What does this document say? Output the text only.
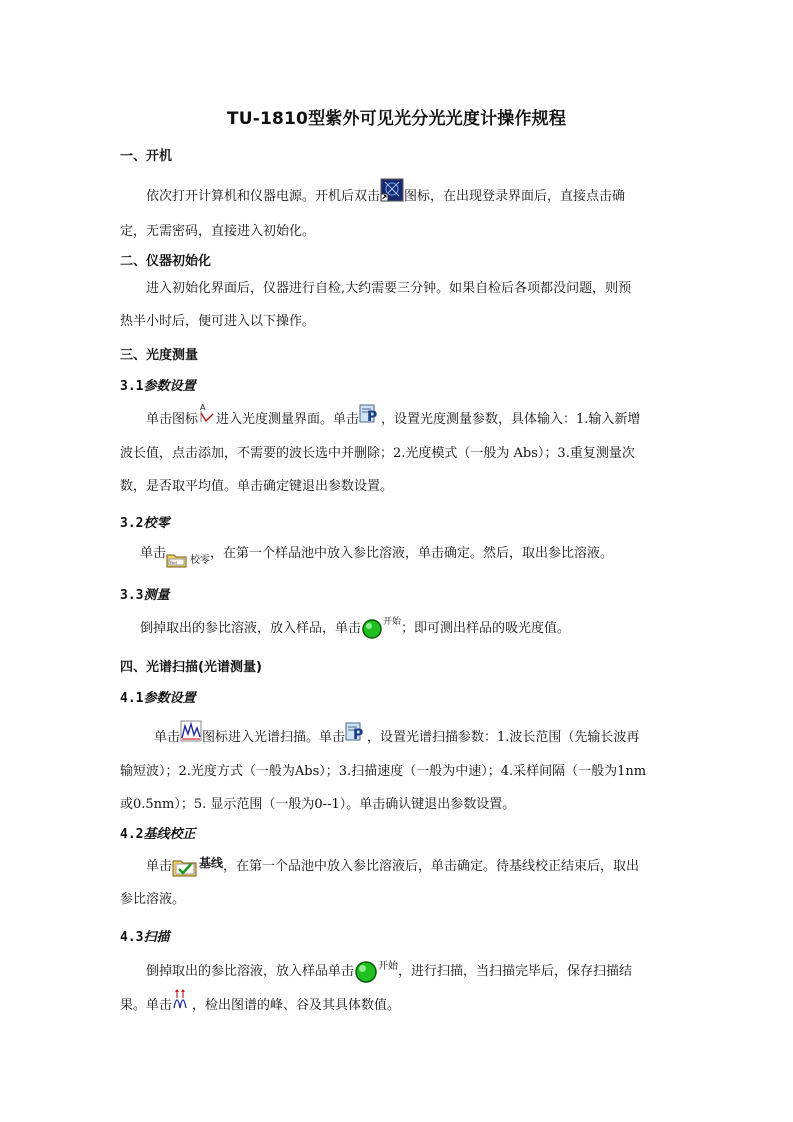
TU-1810型紫外可见光分光光度计操作规程
一、开机
依次打开计算机和仪器电源。开机后双击 图标，在出现登录界面后，直接点击确
定，无需密码，直接进入初始化。
二、仪器初始化
进入初始化界面后，仪器进行自检,大约需要三分钟。如果自检后各项都没问题，则预
热半小时后，便可进入以下操作。
三、光度测量
3.1参数设置
单击图标
A
进入光度测量界面。单击 P ，设置光度测量参数，具体输入：1.输入新增
波长值，点击添加，不需要的波长选中并删除；2.光度模式（一般为 Abs）；3.重复测量次
数，是否取平均值。单击确定键退出参数设置。
3.2校零
单击
Ref 校零，在第一个样品池中放入参比溶液，单击确定。然后，取出参比溶液。
3.3测量
倒掉取出的参比溶液，放入样品，单击 $^{开始}$；即可测出样品的吸光度值。
四、光谱扫描(光谱测量)
4.1参数设置
单击 图标进入光谱扫描。单击 P ，设置光谱扫描参数：1.波长范围（先输长波再
输短波）；2.光度方式（一般为Abs）；3.扫描速度（一般为中速）；4.采样间隔（一般为1nm
或0.5nm）；5. 显示范围（一般为0--1）。单击确认键退出参数设置。
4.2基线校正
单击 基线，在第一个品池中放入参比溶液后，单击确定。待基线校正结束后，取出
参比溶液。
4.3扫描
倒掉取出的参比溶液，放入样品单击 $^{开始}$，进行扫描，当扫描完毕后，保存扫描结
果。单击 ，检出图谱的峰、谷及其具体数值。
